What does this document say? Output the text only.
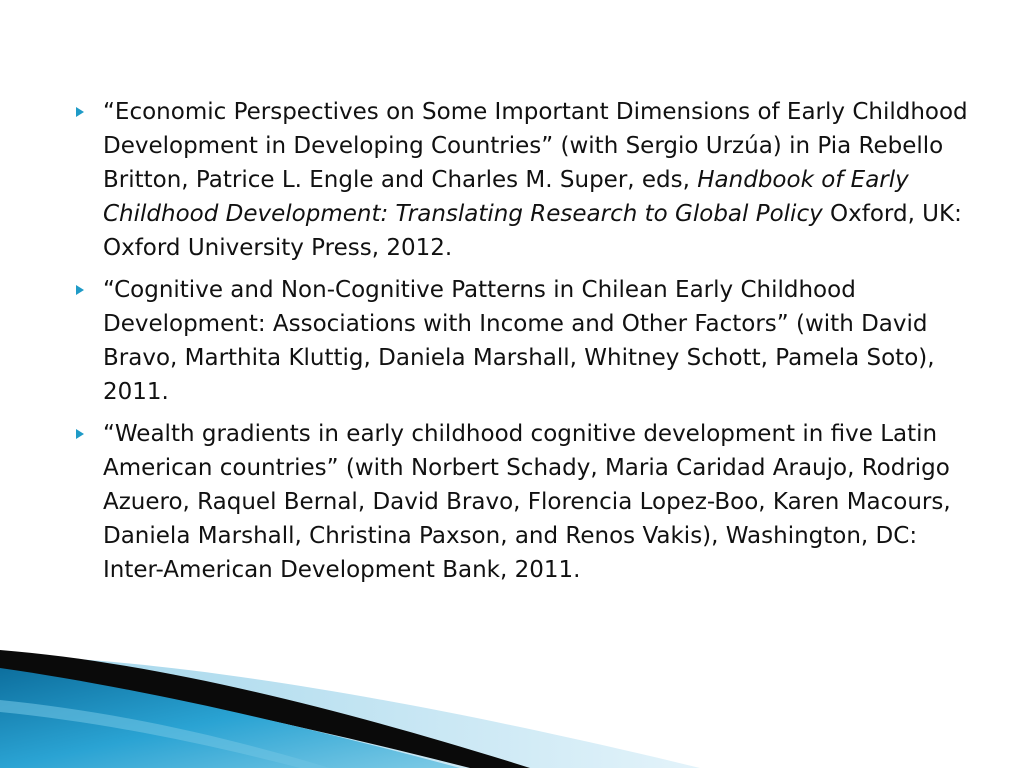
“Economic Perspectives on Some Important Dimensions of Early Childhood Development in Developing Countries” (with Sergio Urzúa) in Pia Rebello Britton, Patrice L. Engle and Charles M. Super, eds, Handbook of Early Childhood Development: Translating Research to Global Policy Oxford, UK: Oxford University Press, 2012.
“Cognitive and Non-Cognitive Patterns in Chilean Early Childhood Development: Associations with Income and Other Factors” (with David Bravo, Marthita Kluttig, Daniela Marshall, Whitney Schott, Pamela Soto), 2011.
“Wealth gradients in early childhood cognitive development in five Latin American countries” (with Norbert Schady, Maria Caridad Araujo, Rodrigo Azuero, Raquel Bernal, David Bravo, Florencia Lopez-Boo, Karen Macours, Daniela Marshall, Christina Paxson, and Renos Vakis), Washington, DC: Inter-American Development Bank, 2011.
